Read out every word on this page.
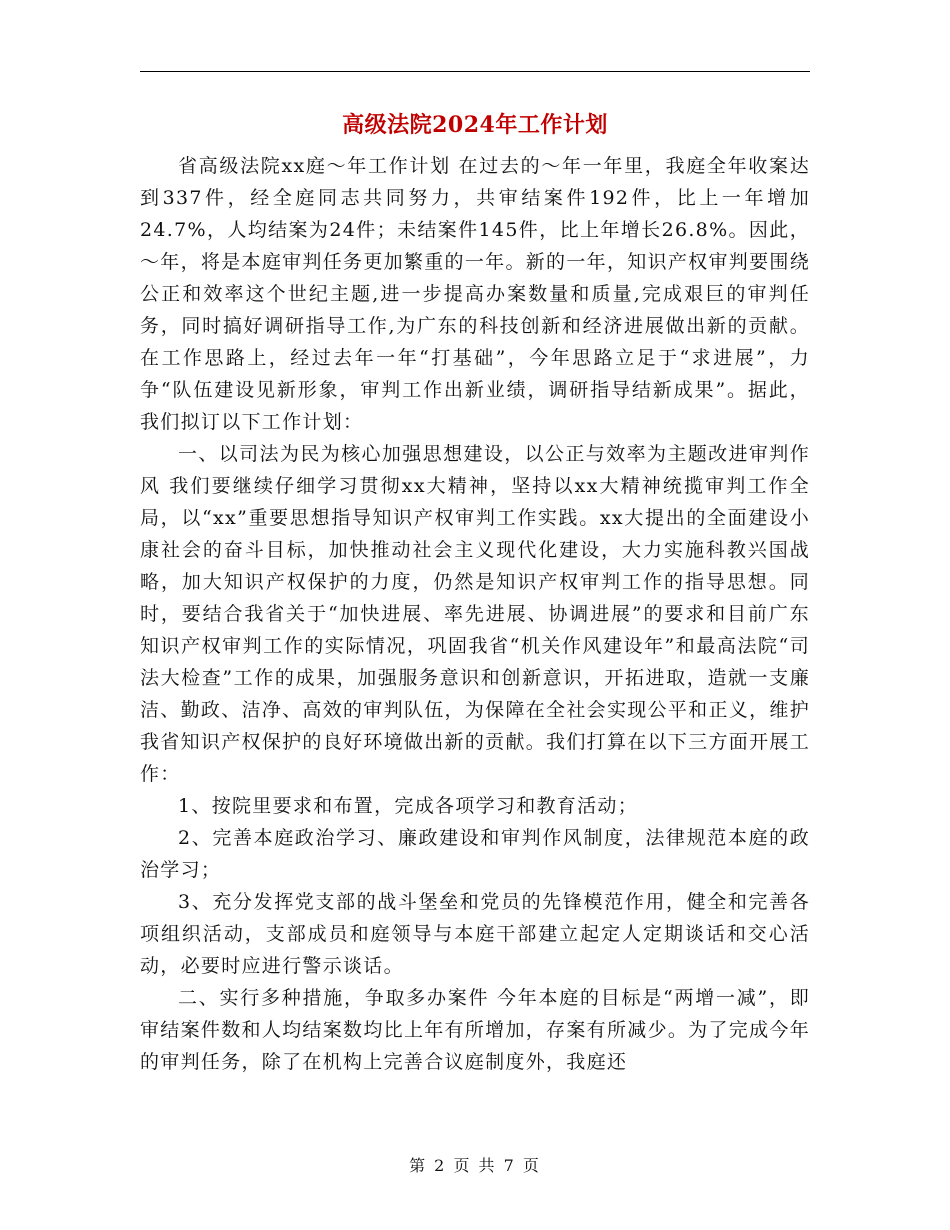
高级法院2024年工作计划

省高级法院xx庭～年工作计划 在过去的～年一年里，我庭全年收案达到337件，经全庭同志共同努力，共审结案件192件，比上一年增加24.7%，人均结案为24件；未结案件145件，比上年增长26.8%。因此，～年，将是本庭审判任务更加繁重的一年。新的一年，知识产权审判要围绕公正和效率这个世纪主题,进一步提高办案数量和质量,完成艰巨的审判任务，同时搞好调研指导工作,为广东的科技创新和经济进展做出新的贡献。在工作思路上，经过去年一年“打基础”，今年思路立足于“求进展”，力争“队伍建设见新形象，审判工作出新业绩，调研指导结新成果”。据此，我们拟订以下工作计划：

一、以司法为民为核心加强思想建设，以公正与效率为主题改进审判作风 我们要继续仔细学习贯彻xx大精神，坚持以xx大精神统揽审判工作全局，以“xx”重要思想指导知识产权审判工作实践。xx大提出的全面建设小康社会的奋斗目标，加快推动社会主义现代化建设，大力实施科教兴国战略，加大知识产权保护的力度，仍然是知识产权审判工作的指导思想。同时，要结合我省关于“加快进展、率先进展、协调进展”的要求和目前广东知识产权审判工作的实际情况，巩固我省“机关作风建设年”和最高法院“司法大检查”工作的成果，加强服务意识和创新意识，开拓进取，造就一支廉洁、勤政、洁净、高效的审判队伍，为保障在全社会实现公平和正义，维护我省知识产权保护的良好环境做出新的贡献。我们打算在以下三方面开展工作：

1、按院里要求和布置，完成各项学习和教育活动；

2、完善本庭政治学习、廉政建设和审判作风制度，法律规范本庭的政治学习；

3、充分发挥党支部的战斗堡垒和党员的先锋模范作用，健全和完善各项组织活动，支部成员和庭领导与本庭干部建立起定人定期谈话和交心活动，必要时应进行警示谈话。

二、实行多种措施，争取多办案件 今年本庭的目标是“两增一减”，即审结案件数和人均结案数均比上年有所增加，存案有所减少。为了完成今年的审判任务，除了在机构上完善合议庭制度外，我庭还

第 2 页 共 7 页
